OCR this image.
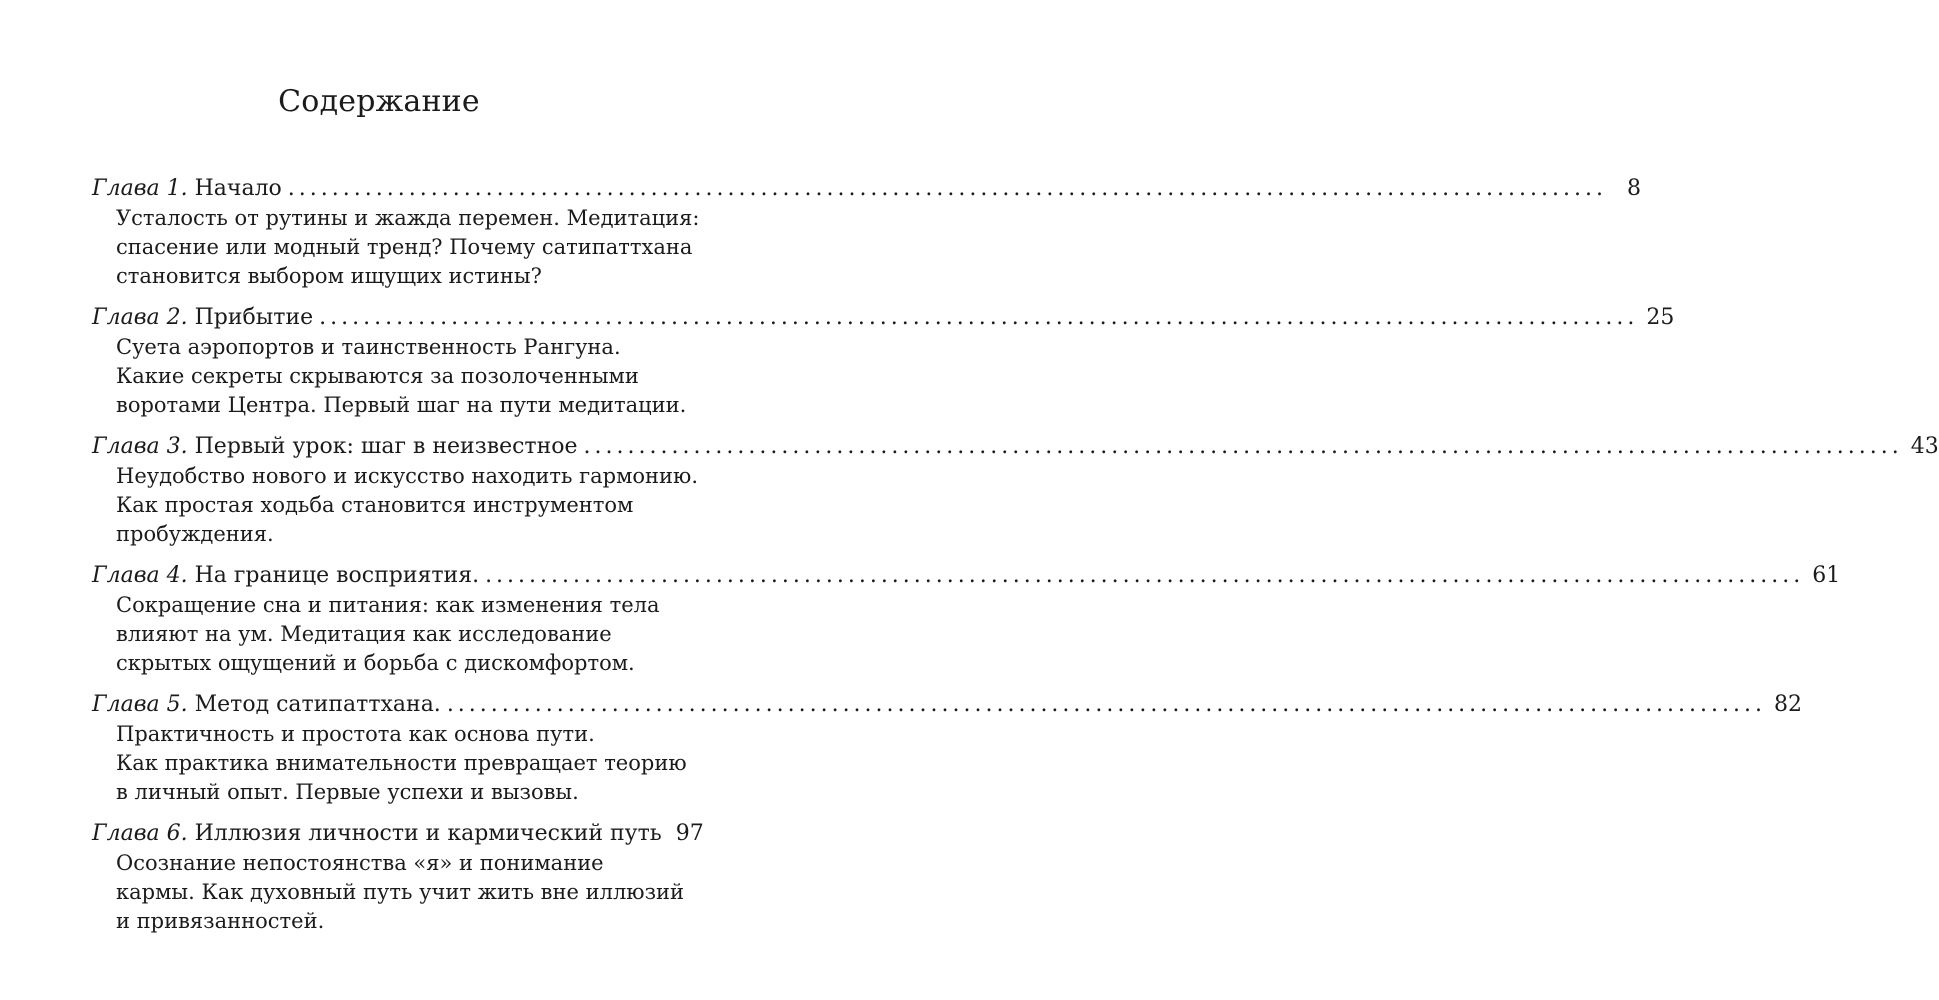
Содержание
Глава 1.
Начало ........................................................................................................................ 8
Усталость от рутины и жажда перемен. Медитация:
спасение или модный тренд? Почему сатипаттхана
становится выбором ищущих истины?
Глава 2.
Прибытие ........................................................................................................................ 25
Суета аэропортов и таинственность Рангуна.
Какие секреты скрываются за позолоченными
воротами Центра. Первый шаг на пути медитации.
Глава 3.
Первый урок: шаг в неизвестное ........................................................................................................................ 43
Неудобство нового и искусство находить гармонию.
Как простая ходьба становится инструментом
пробуждения.
Глава 4.
На границе восприятия. ........................................................................................................................ 61
Сокращение сна и питания: как изменения тела
влияют на ум. Медитация как исследование
скрытых ощущений и борьба с дискомфортом.
Глава 5.
Метод сатипаттхана. ........................................................................................................................ 82
Практичность и простота как основа пути.
Как практика внимательности превращает теорию
в личный опыт. Первые успехи и вызовы.
Глава 6.
Иллюзия личности и кармический путь 97
Осознание непостоянства «я» и понимание
кармы. Как духовный путь учит жить вне иллюзий
и привязанностей.
